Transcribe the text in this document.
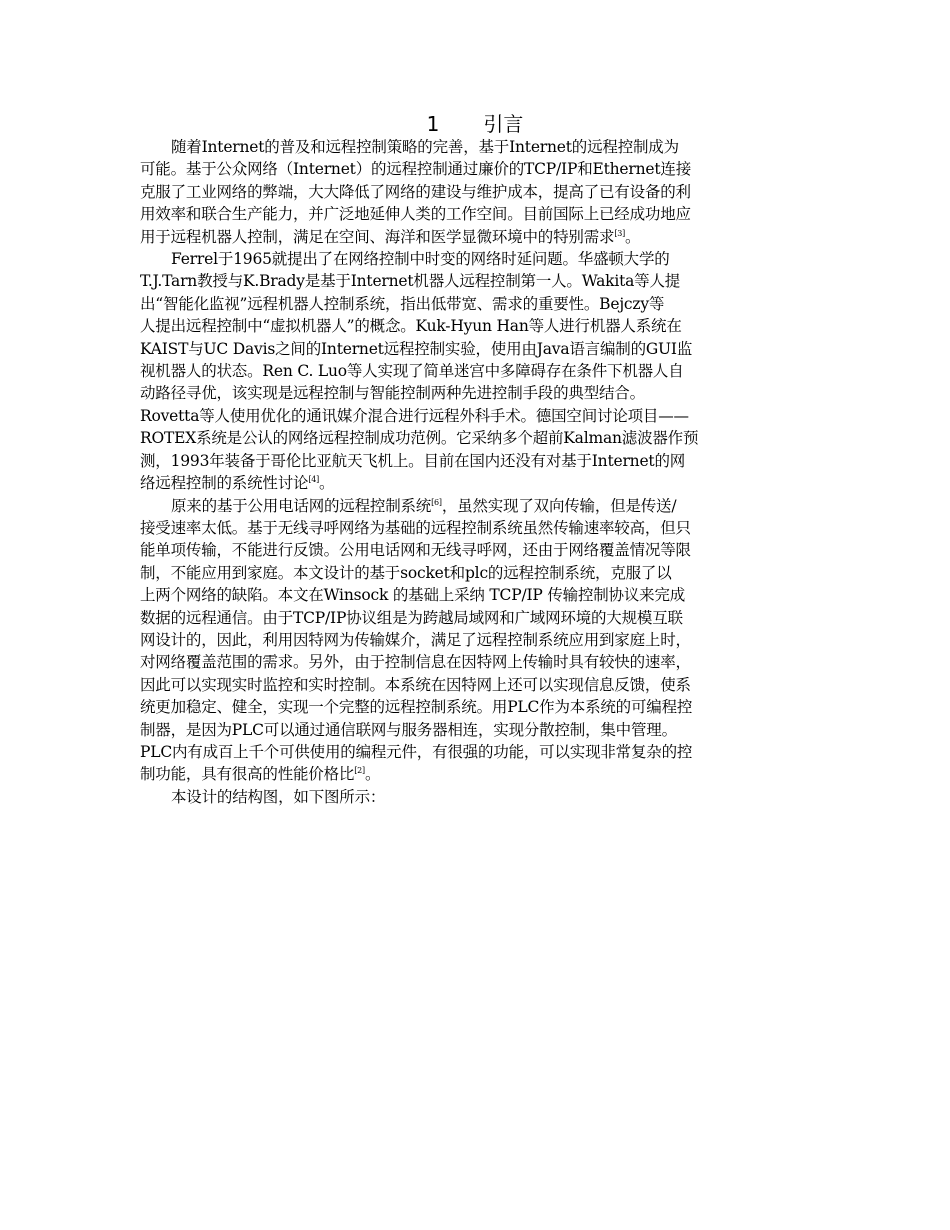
1 引言

随着Internet的普及和远程控制策略的完善，基于Internet的远程控制成为
可能。基于公众网络（Internet）的远程控制通过廉价的TCP/IP和Ethernet连接
克服了工业网络的弊端，大大降低了网络的建设与维护成本，提高了已有设备的利
用效率和联合生产能力，并广泛地延伸人类的工作空间。目前国际上已经成功地应
用于远程机器人控制，满足在空间、海洋和医学显微环境中的特别需求[3]。

Ferrel于1965就提出了在网络控制中时变的网络时延问题。华盛顿大学的
T.J.Tarn教授与K.Brady是基于Internet机器人远程控制第一人。Wakita等人提
出“智能化监视”远程机器人控制系统，指出低带宽、需求的重要性。Bejczy等
人提出远程控制中“虚拟机器人”的概念。Kuk-Hyun Han等人进行机器人系统在
KAIST与UC Davis之间的Internet远程控制实验，使用由Java语言编制的GUI监
视机器人的状态。Ren C. Luo等人实现了简单迷宫中多障碍存在条件下机器人自
动路径寻优，该实现是远程控制与智能控制两种先进控制手段的典型结合。
Rovetta等人使用优化的通讯媒介混合进行远程外科手术。德国空间讨论项目——
ROTEX系统是公认的网络远程控制成功范例。它采纳多个超前Kalman滤波器作预
测，1993年装备于哥伦比亚航天飞机上。目前在国内还没有对基于Internet的网
络远程控制的系统性讨论[4]。

原来的基于公用电话网的远程控制系统[6]，虽然实现了双向传输，但是传送/
接受速率太低。基于无线寻呼网络为基础的远程控制系统虽然传输速率较高，但只
能单项传输，不能进行反馈。公用电话网和无线寻呼网，还由于网络覆盖情况等限
制，不能应用到家庭。本文设计的基于socket和plc的远程控制系统，克服了以
上两个网络的缺陷。本文在Winsock 的基础上采纳 TCP/IP 传输控制协议来完成
数据的远程通信。由于TCP/IP协议组是为跨越局域网和广域网环境的大规模互联
网设计的，因此，利用因特网为传输媒介，满足了远程控制系统应用到家庭上时，
对网络覆盖范围的需求。另外，由于控制信息在因特网上传输时具有较快的速率，
因此可以实现实时监控和实时控制。本系统在因特网上还可以实现信息反馈，使系
统更加稳定、健全，实现一个完整的远程控制系统。用PLC作为本系统的可编程控
制器，是因为PLC可以通过通信联网与服务器相连，实现分散控制，集中管理。
PLC内有成百上千个可供使用的编程元件，有很强的功能，可以实现非常复杂的控
制功能，具有很高的性能价格比[2]。

本设计的结构图，如下图所示：
